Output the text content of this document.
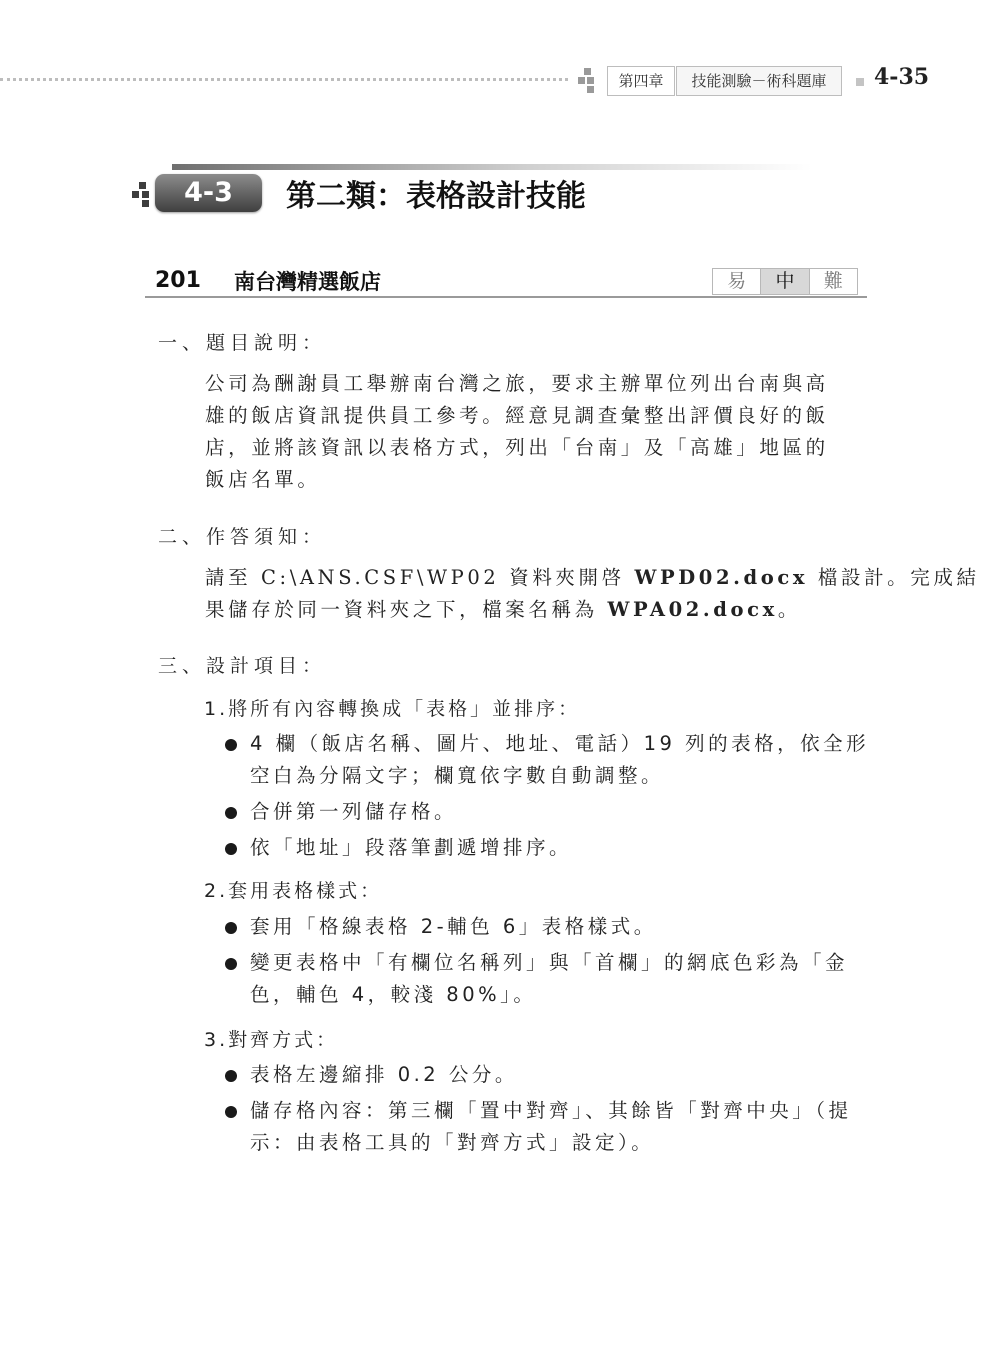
第四章	技能測驗－術科題庫	4-35
4-3	第二類：表格設計技能
201 南台灣精選飯店	易	中	難
一、題目說明：
公司為酬謝員工舉辦南台灣之旅，要求主辦單位列出台南與高
雄的飯店資訊提供員工參考。經意見調查彙整出評價良好的飯
店，並將該資訊以表格方式，列出「台南」及「高雄」地區的
飯店名單。
二、作答須知：
請至 C:\ANS.CSF\WP02 資料夾開啓 WPD02.docx 檔設計。完成結
果儲存於同一資料夾之下，檔案名稱為 WPA02.docx。
三、設計項目：
1.將所有內容轉換成「表格」並排序：
4 欄（飯店名稱、圖片、地址、電話）19 列的表格，依全形
空白為分隔文字；欄寬依字數自動調整。
合併第一列儲存格。
依「地址」段落筆劃遞增排序。
2.套用表格樣式：
套用「格線表格 2-輔色 6」表格樣式。
變更表格中「有欄位名稱列」與「首欄」的網底色彩為「金
色，輔色 4，較淺 80%」。
3.對齊方式：
表格左邊縮排 0.2 公分。
儲存格內容：第三欄「置中對齊」、其餘皆「對齊中央」（提
示：由表格工具的「對齊方式」設定）。
